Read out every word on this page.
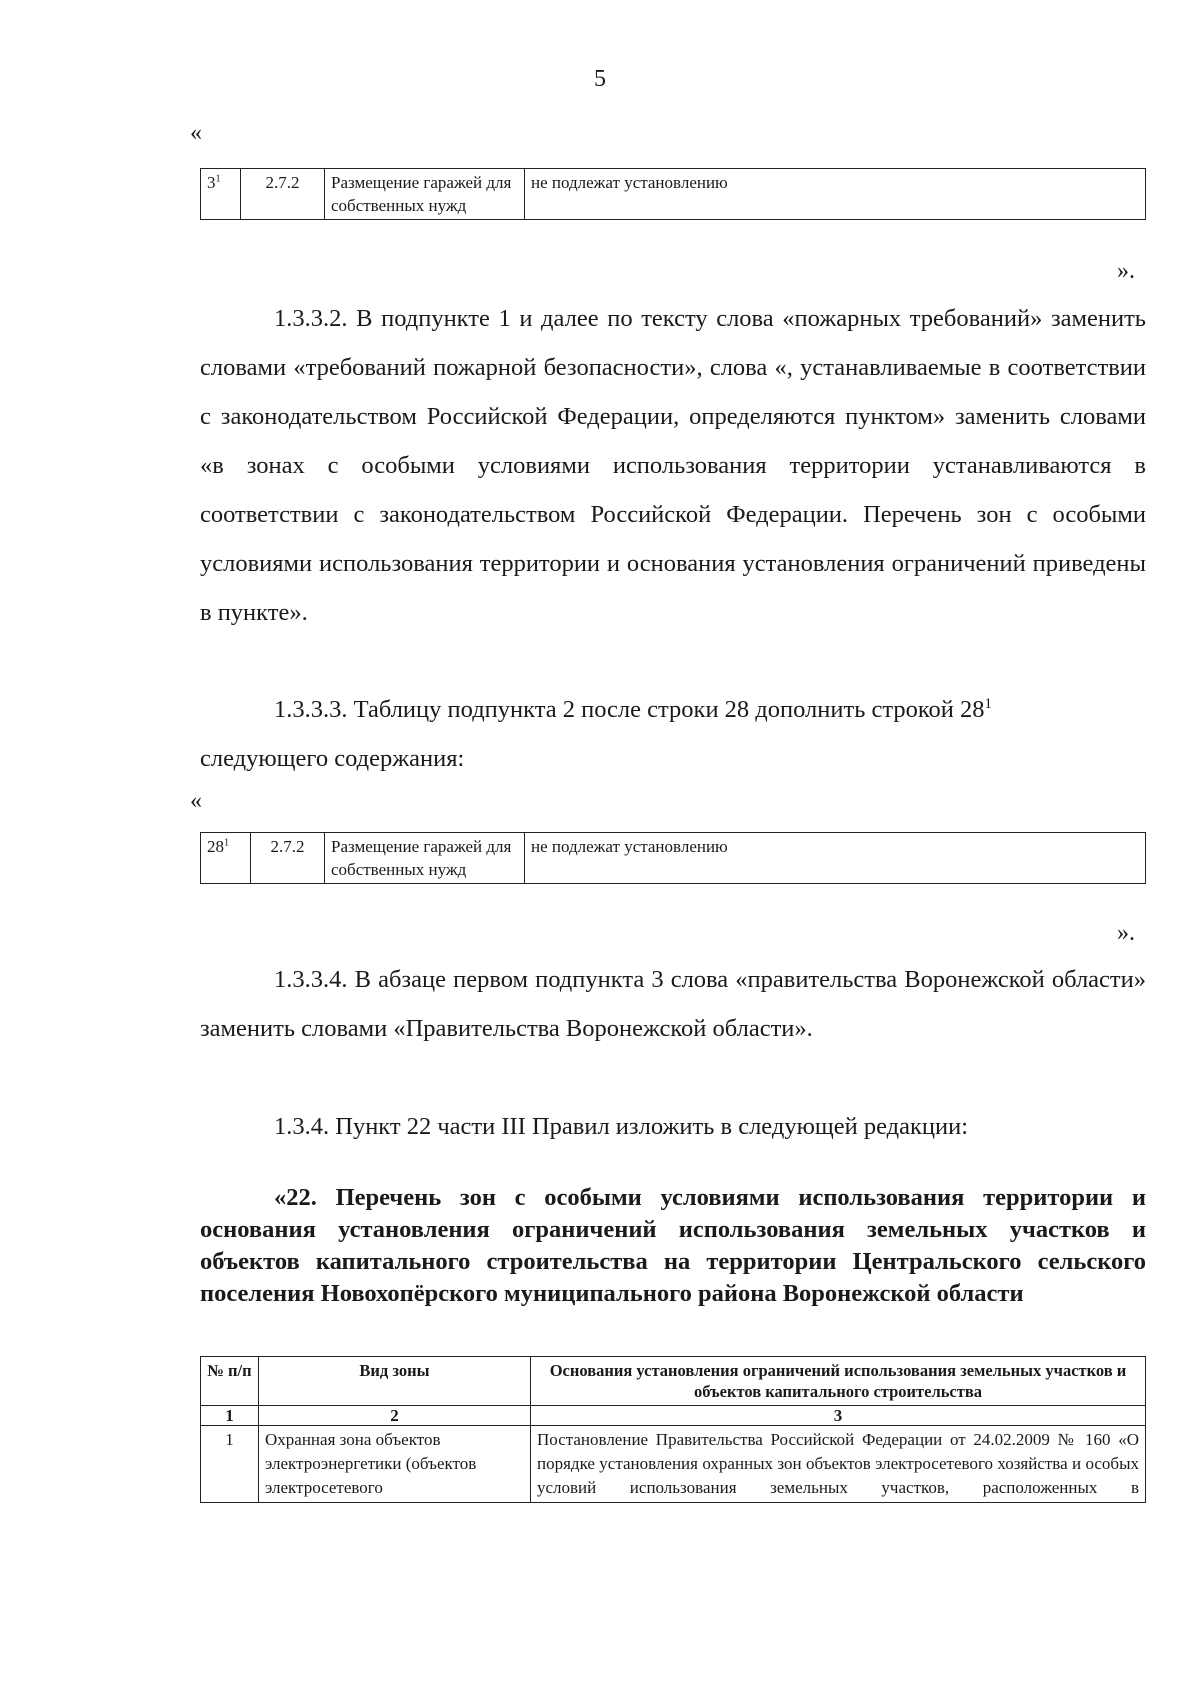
5
«
$3^1$	2.7.2	Размещение гаражей для собственных нужд	не подлежат установлению
».

1.3.3.2. В подпункте 1 и далее по тексту слова «пожарных требований» заменить словами «требований пожарной безопасности», слова «, устанавливаемые в соответствии с законодательством Российской Федерации, определяются пунктом» заменить словами «в зонах с особыми условиями использования территории устанавливаются в соответствии с законодательством Российской Федерации. Перечень зон с особыми условиями использования территории и основания установления ограничений приведены в пункте».

1.3.3.3. Таблицу подпункта 2 после строки 28 дополнить строкой $28^1$
следующего содержания:

«
$28^1$	2.7.2	Размещение гаражей для собственных нужд	не подлежат установлению
».

1.3.3.4. В абзаце первом подпункта 3 слова «правительства Воронежской области» заменить словами «Правительства Воронежской области».

1.3.4. Пункт 22 части III Правил изложить в следующей редакции:

«22. Перечень зон с особыми условиями использования территории и основания установления ограничений использования земельных участков и объектов капитального строительства на территории Центральского сельского поселения Новохопёрского муниципального района Воронежской области

№ п/п	Вид зоны	Основания установления ограничений использования земельных участков и объектов капитального строительства
1	2	3
1	Охранная зона объектов электроэнергетики (объектов электросетевого	Постановление Правительства Российской Федерации от 24.02.2009 № 160 «О порядке установления охранных зон объектов электросетевого хозяйства и особых условий использования земельных участков, расположенных в
